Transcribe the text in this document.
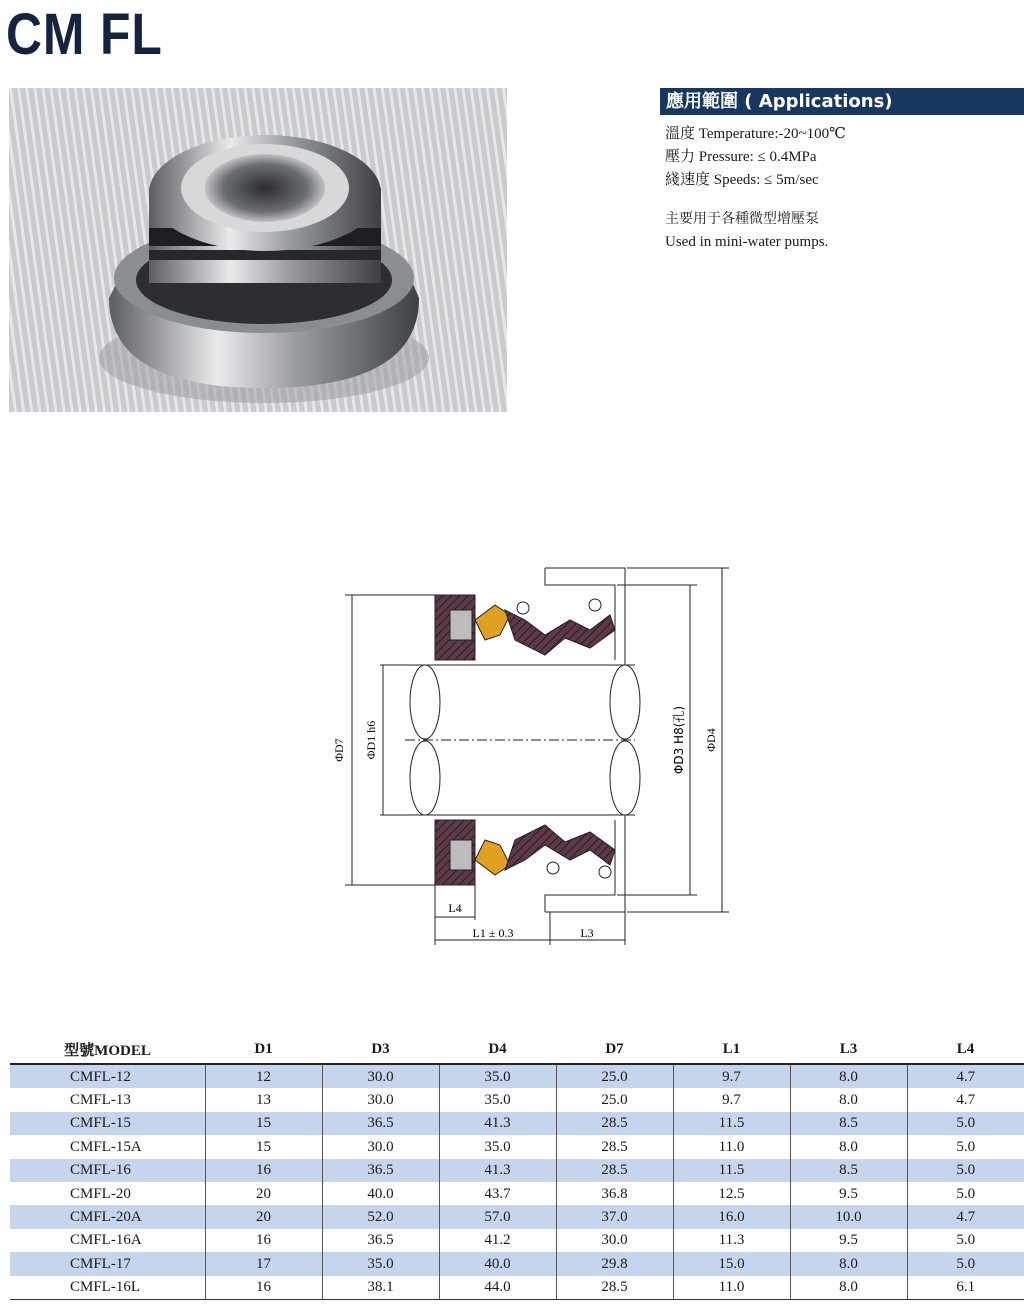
CM FL
應用範圍 ( Applications)
溫度 Temperature:-20~100℃
壓力 Pressure: ≤ 0.4MPa
綫速度 Speeds: ≤ 5m/sec
主要用于各種微型增壓泵
Used in mini-water pumps.
ΦD7 ΦD1 h6	ΦD3 H8(孔) ΦD4
L4
L1 ± 0.3	L3
型號MODEL	D1	D3	D4	D7	L1	L3	L4
CMFL-12	12	30.0	35.0	25.0	9.7	8.0	4.7
CMFL-13	13	30.0	35.0	25.0	9.7	8.0	4.7
CMFL-15	15	36.5	41.3	28.5	11.5	8.5	5.0
CMFL-15A	15	30.0	35.0	28.5	11.0	8.0	5.0
CMFL-16	16	36.5	41.3	28.5	11.5	8.5	5.0
CMFL-20	20	40.0	43.7	36.8	12.5	9.5	5.0
CMFL-20A	20	52.0	57.0	37.0	16.0	10.0	4.7
CMFL-16A	16	36.5	41.2	30.0	11.3	9.5	5.0
CMFL-17	17	35.0	40.0	29.8	15.0	8.0	5.0
CMFL-16L	16	38.1	44.0	28.5	11.0	8.0	6.1
